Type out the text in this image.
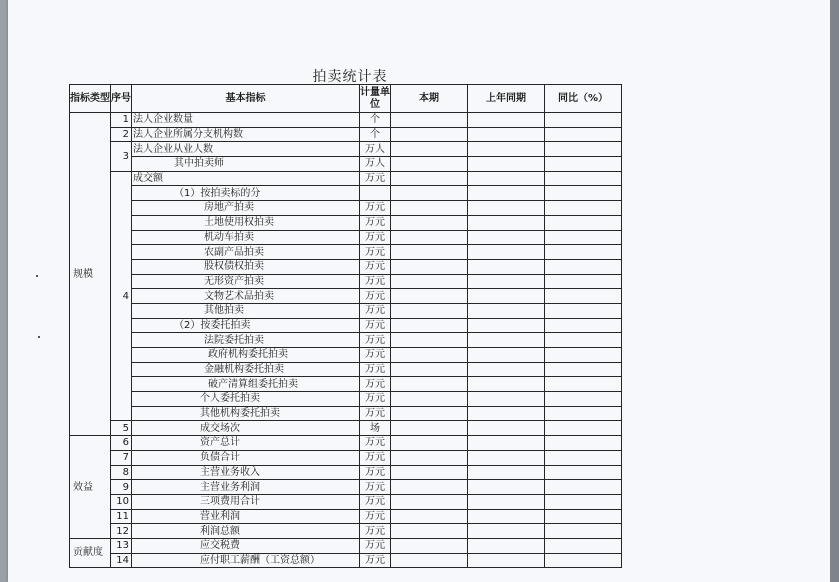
拍卖统计表
指标类型	序号	基本指标	计量单位	本期	上年同期	同比（%）
规模	1	法人企业数量	个			
	2	法人企业所属分支机构数	个			
	3	法人企业从业人数	万人			
		其中拍卖师	万人			
	4	成交额	万元			
		（1）按拍卖标的分				
		房地产拍卖	万元			
		土地使用权拍卖	万元			
		机动车拍卖	万元			
		农副产品拍卖	万元			
		股权债权拍卖	万元			
		无形资产拍卖	万元			
		文物艺术品拍卖	万元			
		其他拍卖	万元			
		（2）按委托拍卖	万元			
		法院委托拍卖	万元			
		政府机构委托拍卖	万元			
		金融机构委托拍卖	万元			
		破产清算组委托拍卖	万元			
		个人委托拍卖	万元			
		其他机构委托拍卖	万元			
	5	成交场次	场			
效益	6	资产总计	万元			
	7	负债合计	万元			
	8	主营业务收入	万元			
	9	主营业务利润	万元			
	10	三项费用合计	万元			
	11	营业利润	万元			
	12	利润总额	万元			
贡献度	13	应交税费	万元			
	14	应付职工薪酬（工资总额）	万元			
